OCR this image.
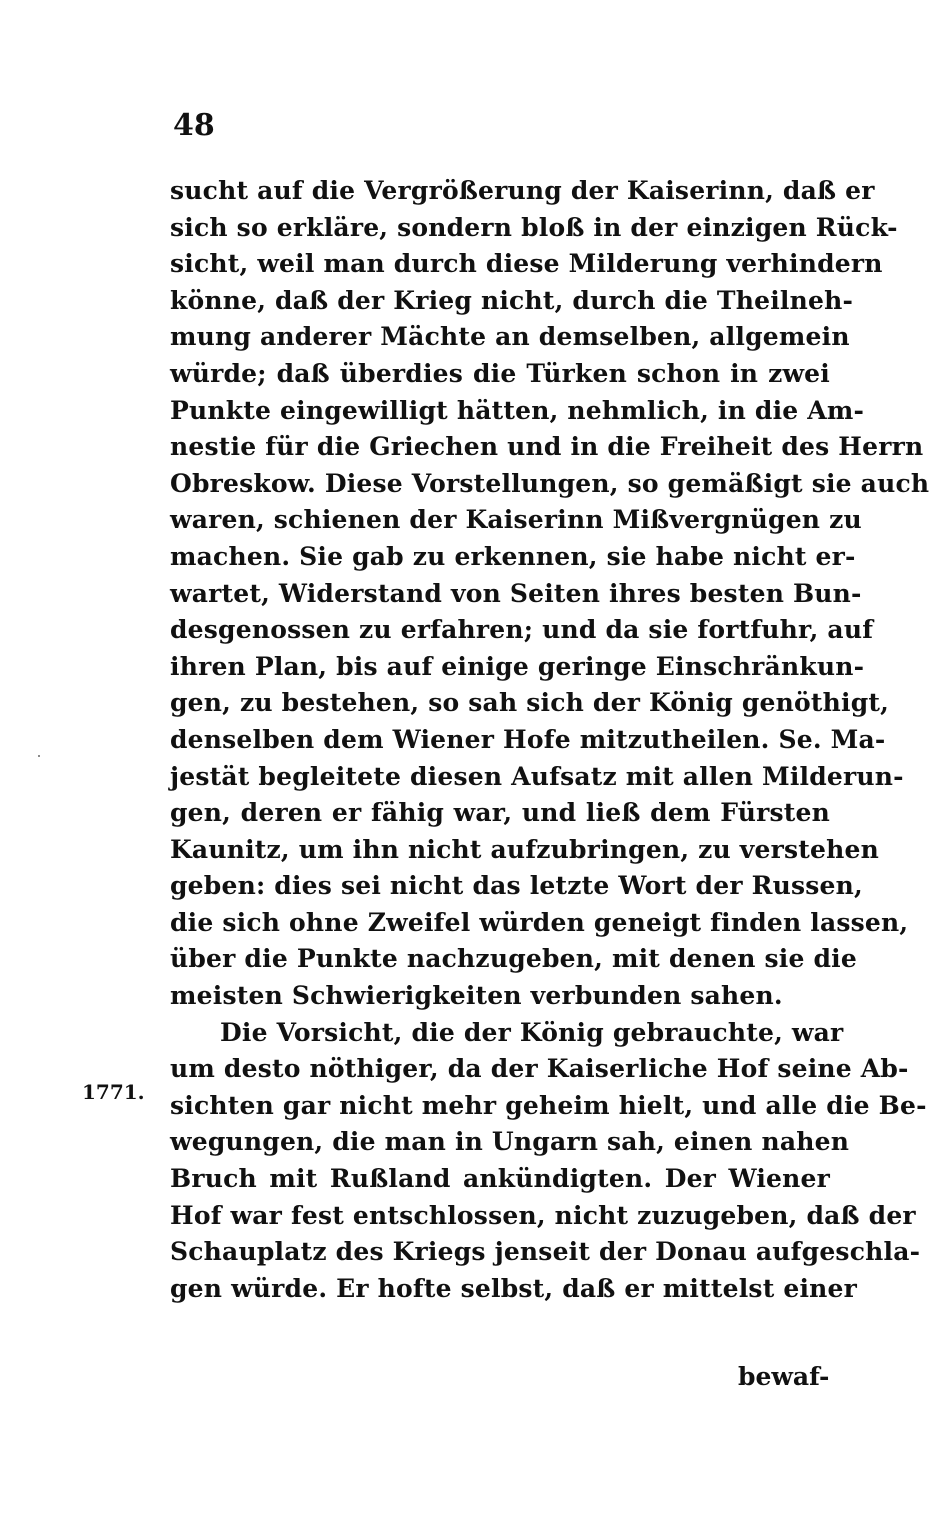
48
sucht auf die Vergrößerung der Kaiserinn, daß er
sich so erkläre, sondern bloß in der einzigen Rück-
sicht, weil man durch diese Milderung verhindern
könne, daß der Krieg nicht, durch die Theilneh-
mung anderer Mächte an demselben, allgemein
würde; daß überdies die Türken schon in zwei
Punkte eingewilligt hätten, nehmlich, in die Am-
nestie für die Griechen und in die Freiheit des Herrn
Obreskow. Diese Vorstellungen, so gemäßigt sie auch
waren, schienen der Kaiserinn Mißvergnügen zu
machen. Sie gab zu erkennen, sie habe nicht er-
wartet, Widerstand von Seiten ihres besten Bun-
desgenossen zu erfahren; und da sie fortfuhr, auf
ihren Plan, bis auf einige geringe Einschränkun-
gen, zu bestehen, so sah sich der König genöthigt,
denselben dem Wiener Hofe mitzutheilen. Se. Ma-
jestät begleitete diesen Aufsatz mit allen Milderun-
gen, deren er fähig war, und ließ dem Fürsten
Kaunitz, um ihn nicht aufzubringen, zu verstehen
geben: dies sei nicht das letzte Wort der Russen,
die sich ohne Zweifel würden geneigt finden lassen,
über die Punkte nachzugeben, mit denen sie die
meisten Schwierigkeiten verbunden sahen.
Die Vorsicht, die der König gebrauchte, war
um desto nöthiger, da der Kaiserliche Hof seine Ab-
sichten gar nicht mehr geheim hielt, und alle die Be-
wegungen, die man in Ungarn sah, einen nahen
Bruch mit Rußland ankündigten. Der Wiener
Hof war fest entschlossen, nicht zuzugeben, daß der
Schauplatz des Kriegs jenseit der Donau aufgeschla-
gen würde. Er hofte selbst, daß er mittelst einer
1771.
bewaf-
